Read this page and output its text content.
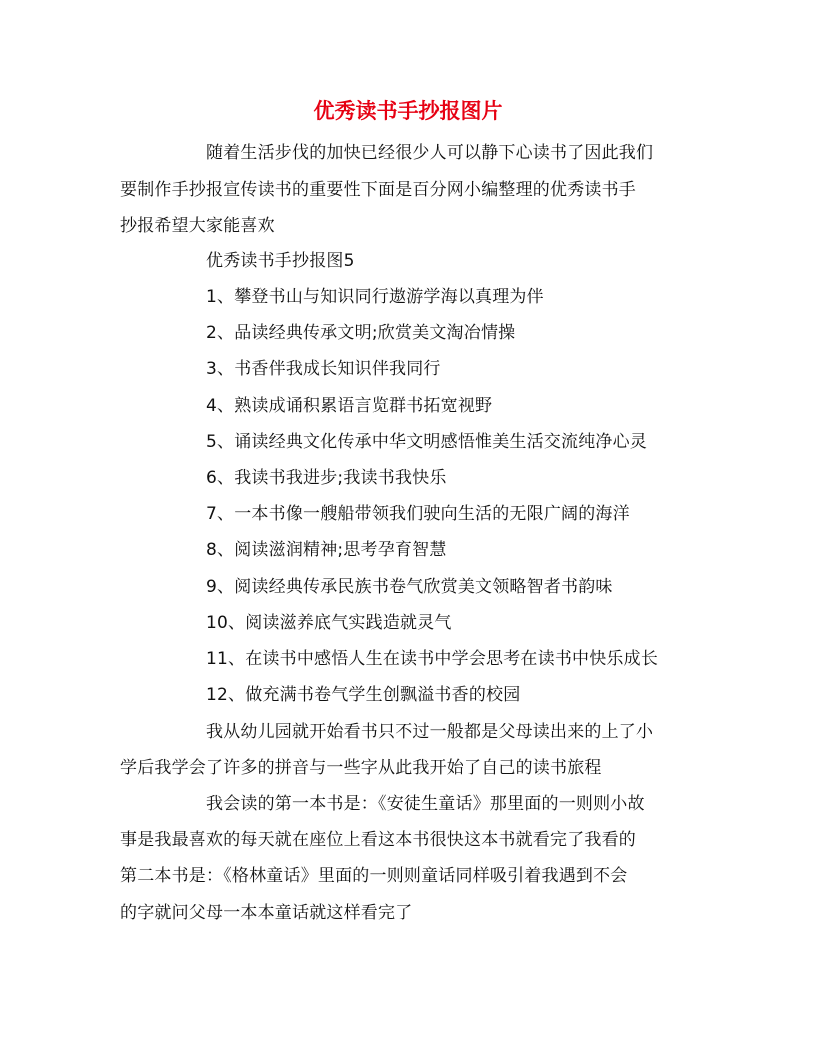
优秀读书手抄报图片
随着生活步伐的加快已经很少人可以静下心读书了因此我们
要制作手抄报宣传读书的重要性下面是百分网小编整理的优秀读书手
抄报希望大家能喜欢
优秀读书手抄报图5
1、攀登书山与知识同行遨游学海以真理为伴
2、品读经典传承文明;欣赏美文淘冶情操
3、书香伴我成长知识伴我同行
4、熟读成诵积累语言览群书拓宽视野
5、诵读经典文化传承中华文明感悟惟美生活交流纯净心灵
6、我读书我进步;我读书我快乐
7、一本书像一艘船带领我们驶向生活的无限广阔的海洋
8、阅读滋润精神;思考孕育智慧
9、阅读经典传承民族书卷气欣赏美文领略智者书韵味
10、阅读滋养底气实践造就灵气
11、在读书中感悟人生在读书中学会思考在读书中快乐成长
12、做充满书卷气学生创飘溢书香的校园
我从幼儿园就开始看书只不过一般都是父母读出来的上了小
学后我学会了许多的拼音与一些字从此我开始了自己的读书旅程
我会读的第一本书是：《安徒生童话》那里面的一则则小故
事是我最喜欢的每天就在座位上看这本书很快这本书就看完了我看的
第二本书是：《格林童话》里面的一则则童话同样吸引着我遇到不会
的字就问父母一本本童话就这样看完了
